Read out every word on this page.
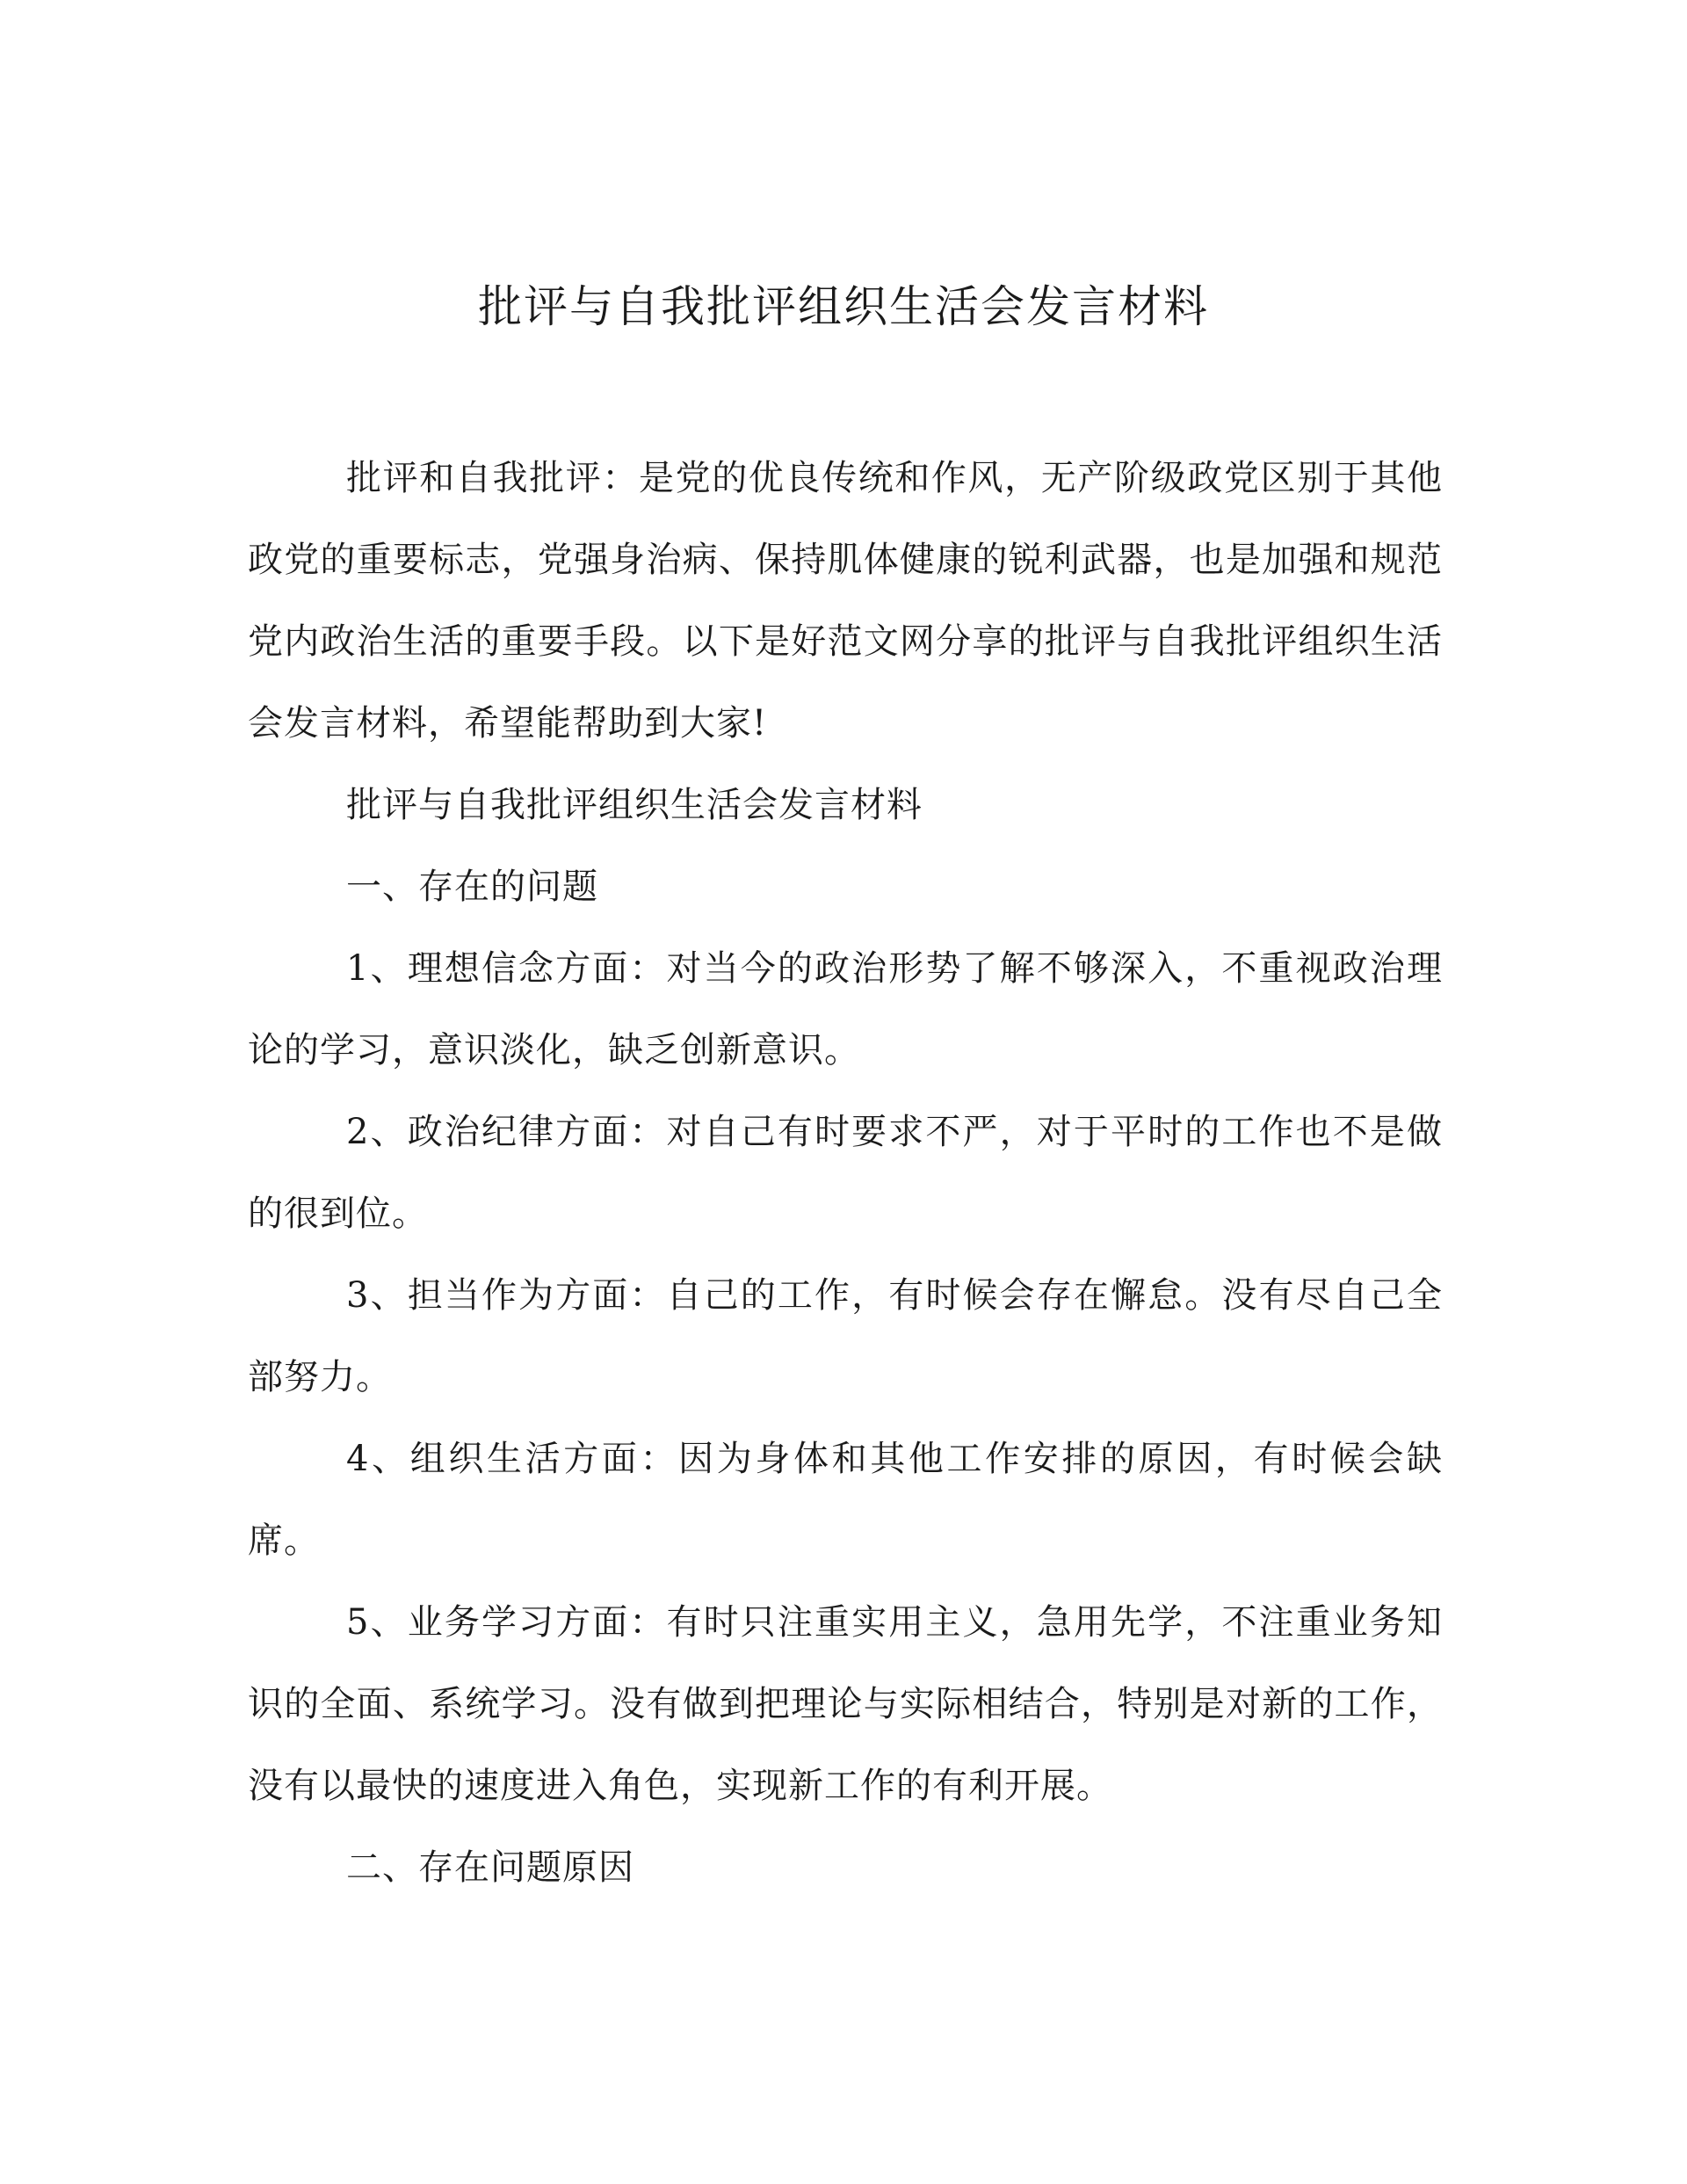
批评与自我批评组织生活会发言材料

批评和自我批评：是党的优良传统和作风，无产阶级政党区别于其他政党的重要标志，党强身治病、保持肌体健康的锐利武器，也是加强和规范党内政治生活的重要手段。以下是好范文网分享的批评与自我批评组织生活会发言材料，希望能帮助到大家!

批评与自我批评组织生活会发言材料

一、存在的问题

1、理想信念方面：对当今的政治形势了解不够深入，不重视政治理论的学习，意识淡化，缺乏创新意识。

2、政治纪律方面：对自己有时要求不严，对于平时的工作也不是做的很到位。

3、担当作为方面：自己的工作，有时候会存在懈怠。没有尽自己全部努力。

4、组织生活方面：因为身体和其他工作安排的原因，有时候会缺席。

5、业务学习方面：有时只注重实用主义，急用先学，不注重业务知识的全面、系统学习。没有做到把理论与实际相结合，特别是对新的工作，没有以最快的速度进入角色，实现新工作的有利开展。

二、存在问题原因
